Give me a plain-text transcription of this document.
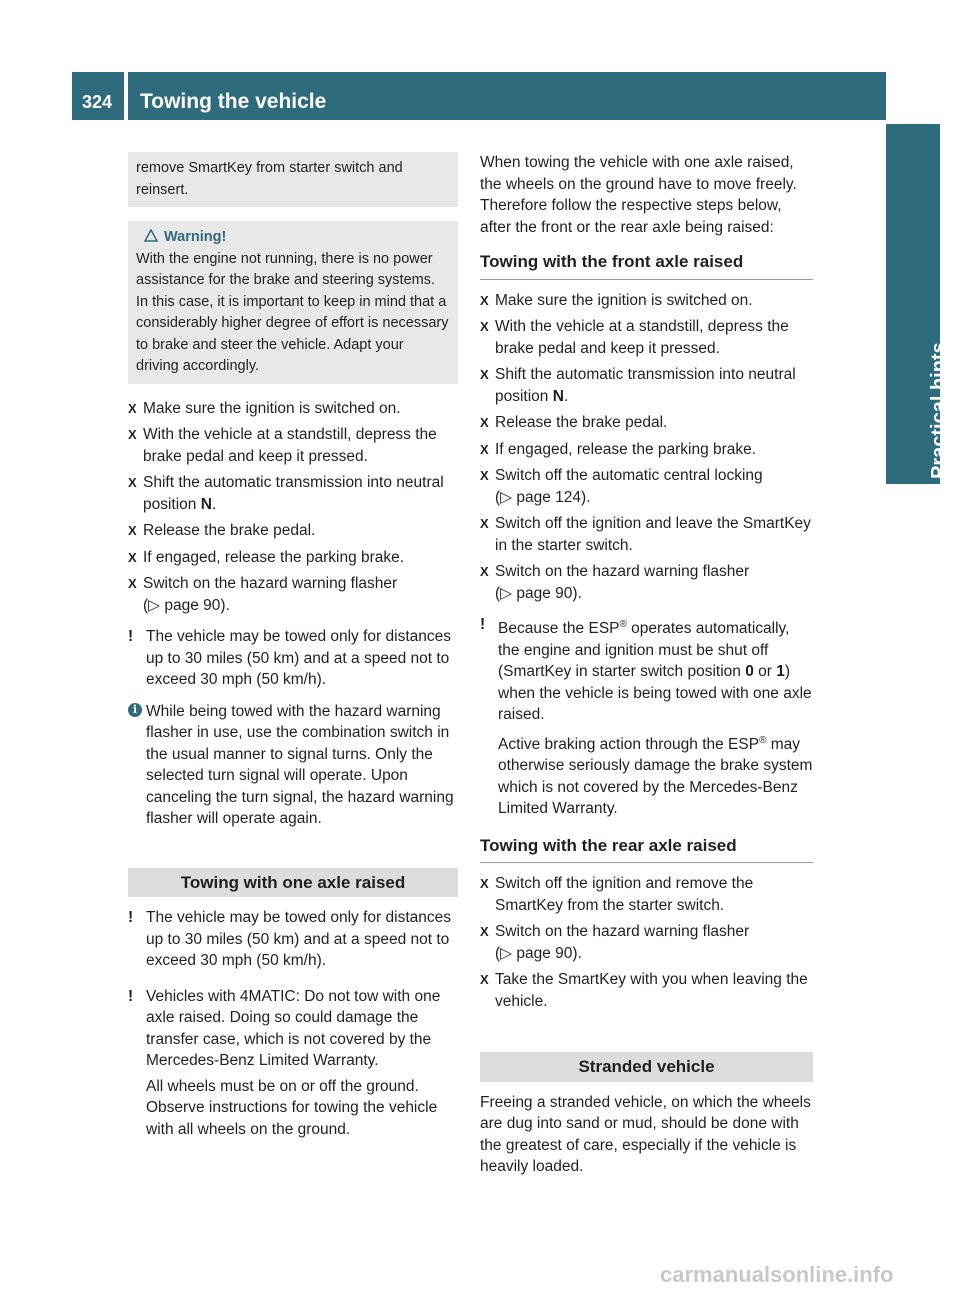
324 Towing the vehicle
Practical hints
remove SmartKey from starter switch and reinsert.
Warning!
With the engine not running, there is no power assistance for the brake and steering systems. In this case, it is important to keep in mind that a considerably higher degree of effort is necessary to brake and steer the vehicle. Adapt your driving accordingly.
X Make sure the ignition is switched on.
X With the vehicle at a standstill, depress the brake pedal and keep it pressed.
X Shift the automatic transmission into neutral position N.
X Release the brake pedal.
X If engaged, release the parking brake.
X Switch on the hazard warning flasher
(▷ page 90).
! The vehicle may be towed only for distances up to 30 miles (50 km) and at a speed not to exceed 30 mph (50 km/h).
i While being towed with the hazard warning flasher in use, use the combination switch in the usual manner to signal turns. Only the selected turn signal will operate. Upon canceling the turn signal, the hazard warning flasher will operate again.
Towing with one axle raised
! The vehicle may be towed only for distances up to 30 miles (50 km) and at a speed not to exceed 30 mph (50 km/h).
! Vehicles with 4MATIC: Do not tow with one axle raised. Doing so could damage the transfer case, which is not covered by the Mercedes-Benz Limited Warranty.
All wheels must be on or off the ground. Observe instructions for towing the vehicle with all wheels on the ground.

When towing the vehicle with one axle raised, the wheels on the ground have to move freely. Therefore follow the respective steps below, after the front or the rear axle being raised:

Towing with the front axle raised
X Make sure the ignition is switched on.
X With the vehicle at a standstill, depress the brake pedal and keep it pressed.
X Shift the automatic transmission into neutral position N.
X Release the brake pedal.
X If engaged, release the parking brake.
X Switch off the automatic central locking
(▷ page 124).
X Switch off the ignition and leave the SmartKey in the starter switch.
X Switch on the hazard warning flasher
(▷ page 90).
! Because the ESP® operates automatically, the engine and ignition must be shut off (SmartKey in starter switch position 0 or 1) when the vehicle is being towed with one axle raised.
Active braking action through the ESP® may otherwise seriously damage the brake system which is not covered by the Mercedes-Benz Limited Warranty.
Towing with the rear axle raised
X Switch off the ignition and remove the SmartKey from the starter switch.
X Switch on the hazard warning flasher
(▷ page 90).
X Take the SmartKey with you when leaving the vehicle.
Stranded vehicle

Freeing a stranded vehicle, on which the wheels are dug into sand or mud, should be done with the greatest of care, especially if the vehicle is heavily loaded.

carmanualsonline.info
